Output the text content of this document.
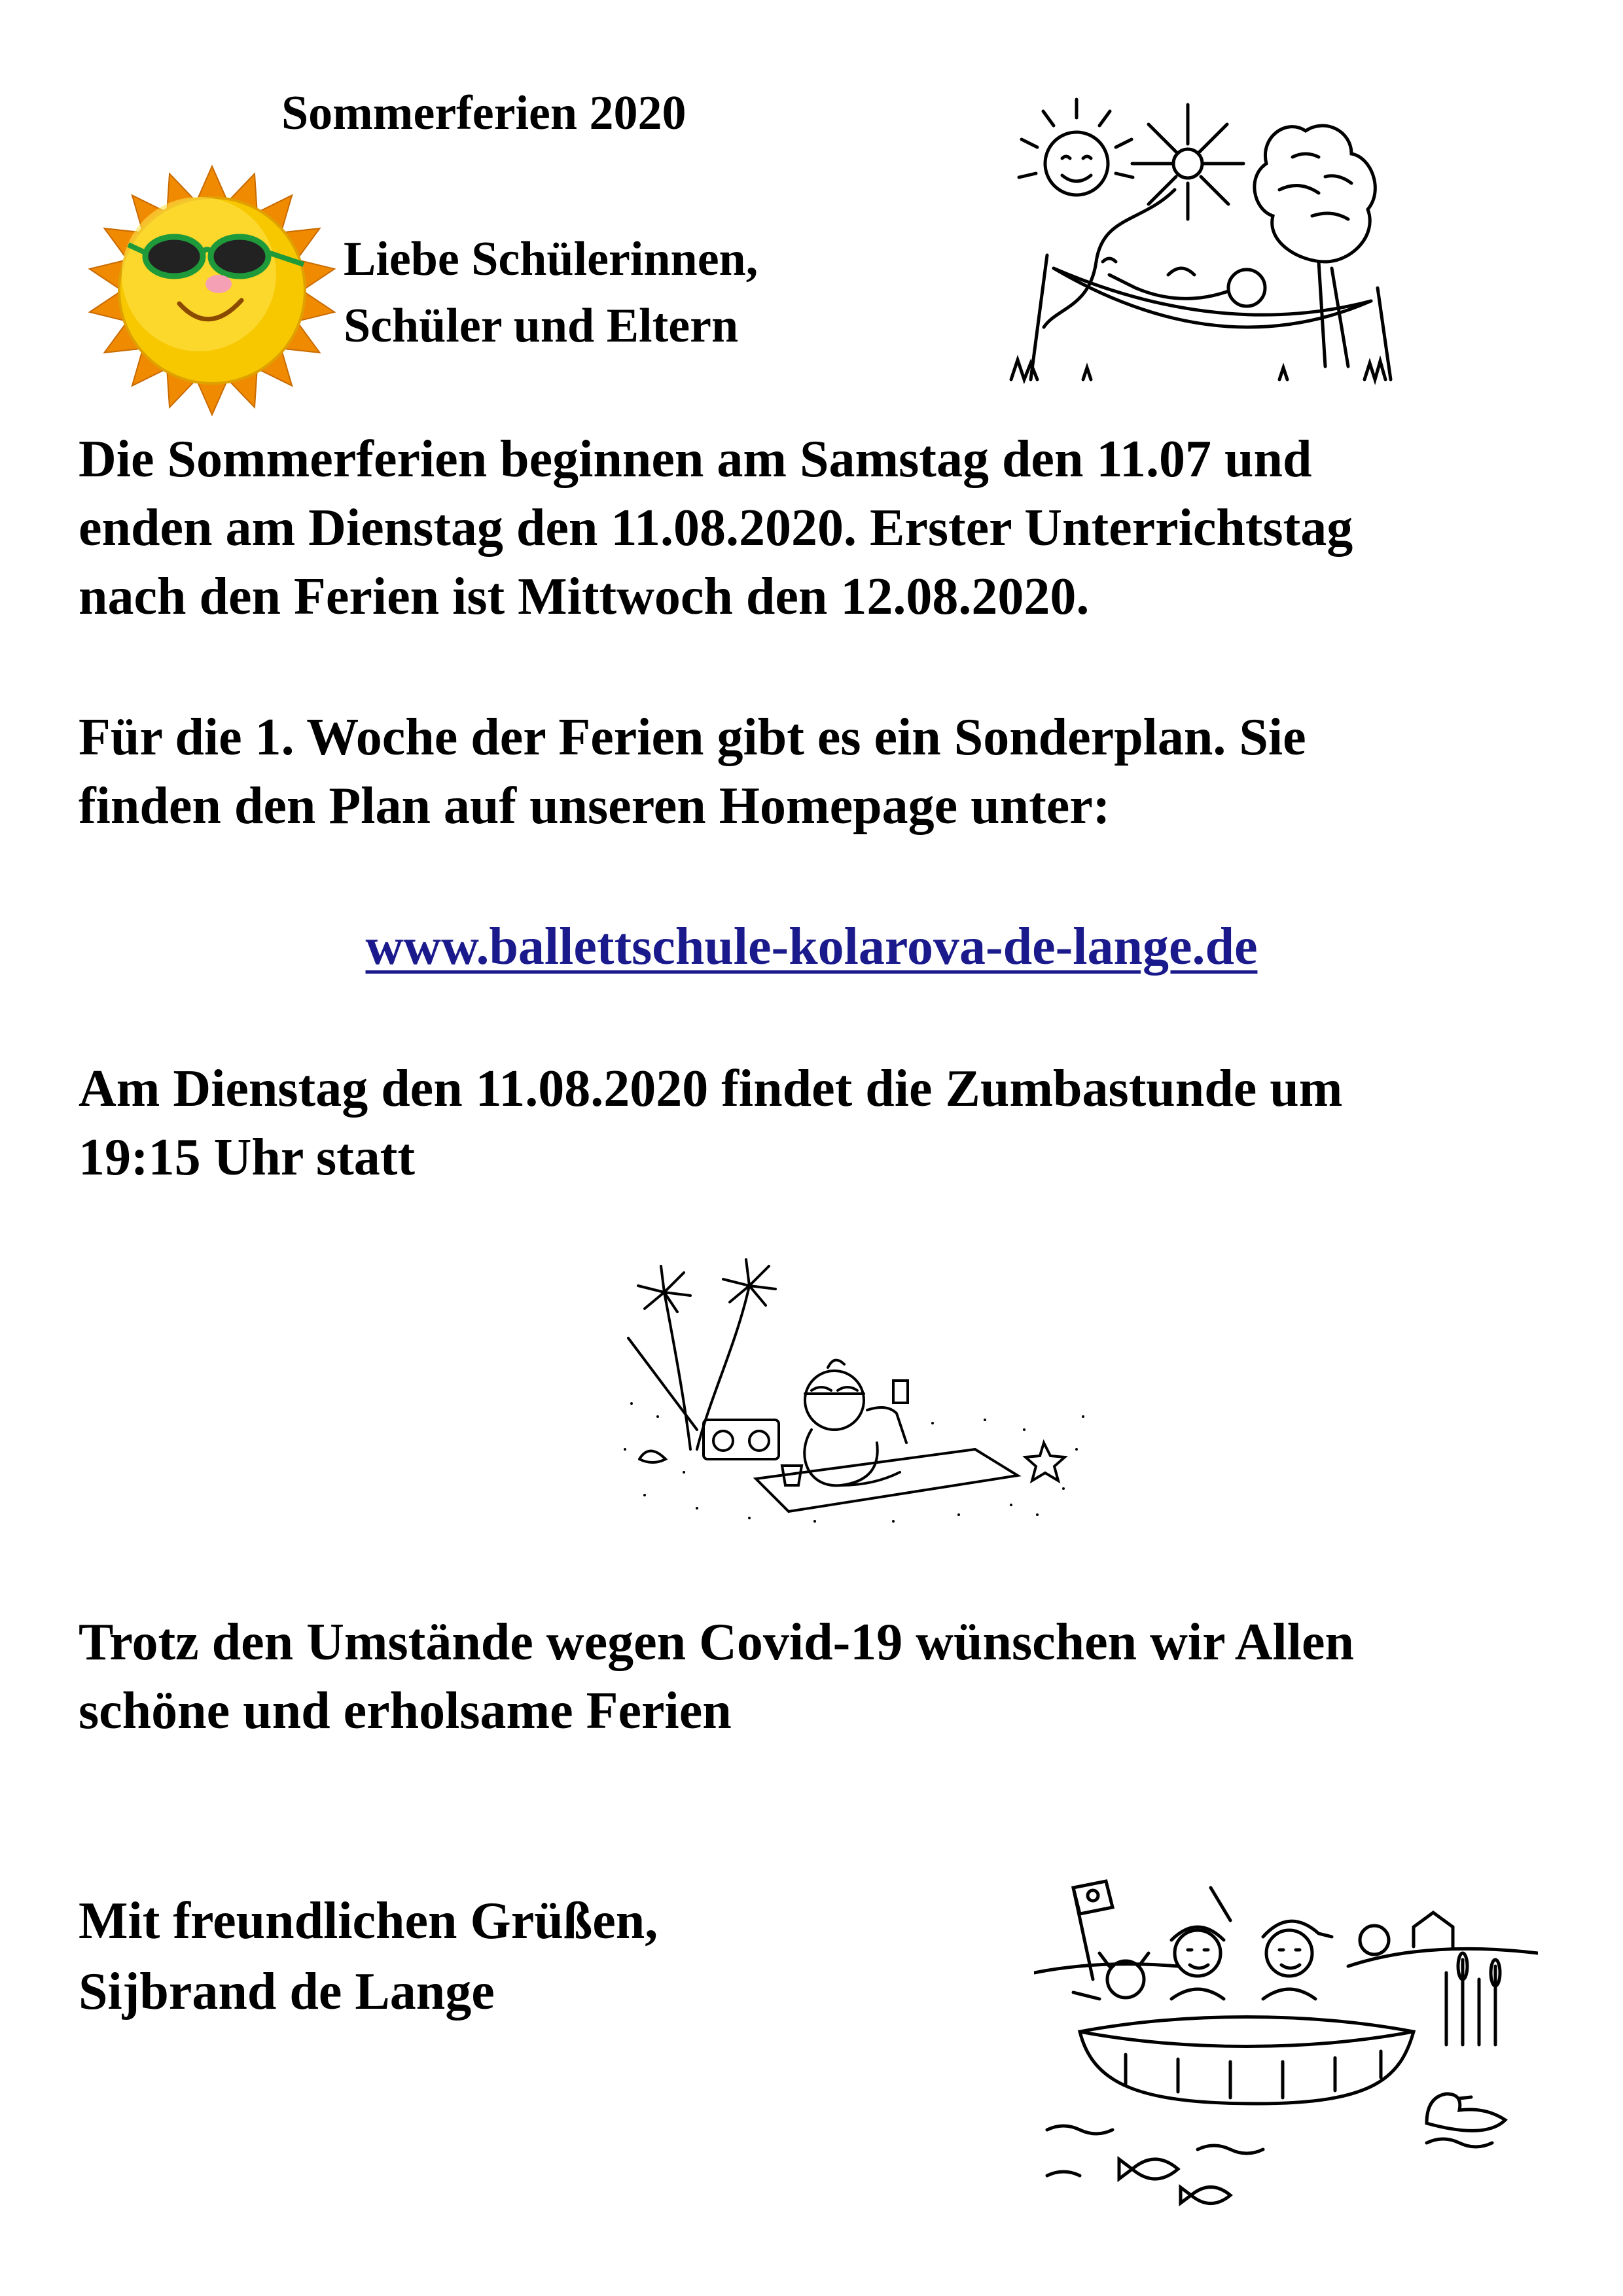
Sommerferien 2020
Liebe Schülerinnen,
Schüler und Eltern
Die Sommerferien beginnen am Samstag den 11.07 und
enden am Dienstag den 11.08.2020. Erster Unterrichtstag
nach den Ferien ist Mittwoch den 12.08.2020.
Für die 1. Woche der Ferien gibt es ein Sonderplan. Sie
finden den Plan auf unseren Homepage unter:
www.ballettschule-kolarova-de-lange.de
Am Dienstag den 11.08.2020 findet die Zumbastunde um
19:15 Uhr statt
Trotz den Umstände wegen Covid-19 wünschen wir Allen
schöne und erholsame Ferien
Mit freundlichen Grüßen,
Sijbrand de Lange
